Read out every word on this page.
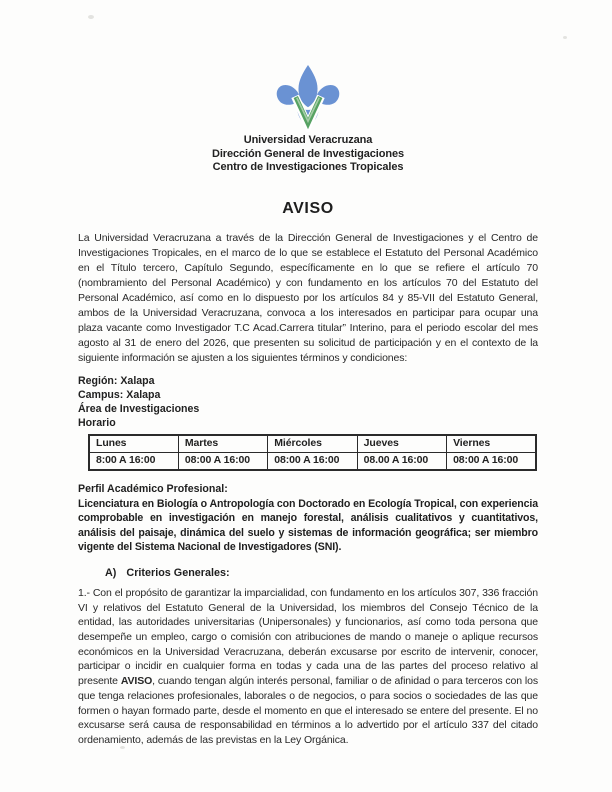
Universidad Veracruzana
Dirección General de Investigaciones
Centro de Investigaciones Tropicales
AVISO

La Universidad Veracruzana a través de la Dirección General de Investigaciones y el Centro de Investigaciones Tropicales, en el marco de lo que se establece el Estatuto del Personal Académico en el Título tercero, Capítulo Segundo, específicamente en lo que se refiere el artículo 70 (nombramiento del Personal Académico) y con fundamento en los artículos 70 del Estatuto del Personal Académico, así como en lo dispuesto por los artículos 84 y 85-VII del Estatuto General, ambos de la Universidad Veracruzana, convoca a los interesados en participar para ocupar una plaza vacante como Investigador T.C Acad.Carrera titular” Interino, para el periodo escolar del mes agosto al 31 de enero del 2026, que presenten su solicitud de participación y en el contexto de la siguiente información se ajusten a los siguientes términos y condiciones:

Región: Xalapa
Campus: Xalapa
Área de Investigaciones
Horario
Lunes	Martes	Miércoles	Jueves	Viernes
8:00 A 16:00	08:00 A 16:00	08:00 A 16:00	08.00 A 16:00	08:00 A 16:00
Perfil Académico Profesional:

Licenciatura en Biología o Antropología con Doctorado en Ecología Tropical, con experiencia comprobable en investigación en manejo forestal, análisis cualitativos y cuantitativos, análisis del paisaje, dinámica del suelo y sistemas de información geográfica; ser miembro vigente del Sistema Nacional de Investigadores (SNI).

A) Criterios Generales:

1.- Con el propósito de garantizar la imparcialidad, con fundamento en los artículos 307, 336 fracción VI y relativos del Estatuto General de la Universidad, los miembros del Consejo Técnico de la entidad, las autoridades universitarias (Unipersonales) y funcionarios, así como toda persona que desempeñe un empleo, cargo o comisión con atribuciones de mando o maneje o aplique recursos económicos en la Universidad Veracruzana, deberán excusarse por escrito de intervenir, conocer, participar o incidir en cualquier forma en todas y cada una de las partes del proceso relativo al presente AVISO, cuando tengan algún interés personal, familiar o de afinidad o para terceros con los que tenga relaciones profesionales, laborales o de negocios, o para socios o sociedades de las que formen o hayan formado parte, desde el momento en que el interesado se entere del presente. El no excusarse será causa de responsabilidad en términos a lo advertido por el artículo 337 del citado ordenamiento, además de las previstas en la Ley Orgánica.
